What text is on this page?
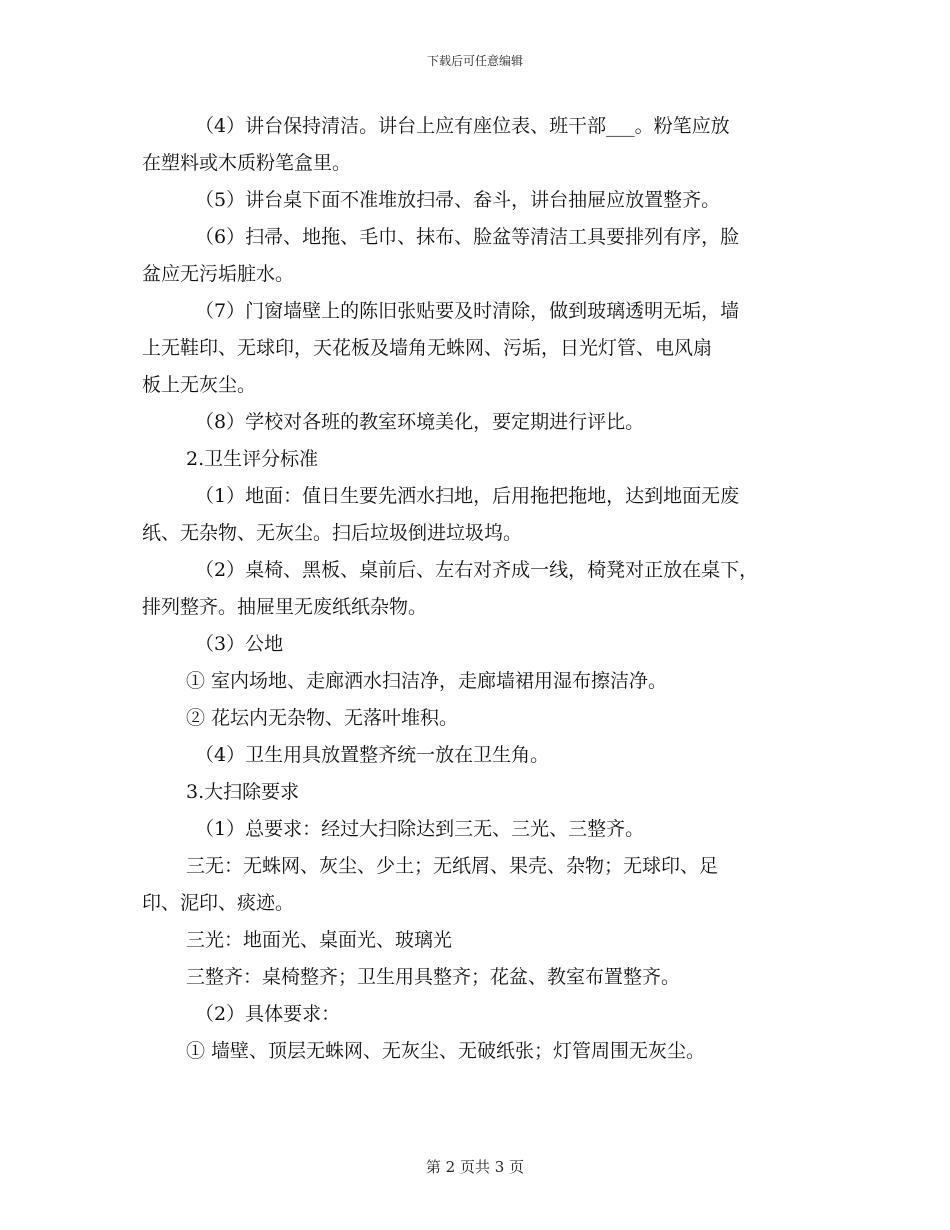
下载后可任意编辑

（4）讲台保持清洁。讲台上应有座位表、班干部___。粉笔应放

在塑料或木质粉笔盒里。

（5）讲台桌下面不准堆放扫帚、畚斗，讲台抽屉应放置整齐。

（6）扫帚、地拖、毛巾、抹布、脸盆等清洁工具要排列有序，脸

盆应无污垢脏水。

（7）门窗墙壁上的陈旧张贴要及时清除，做到玻璃透明无垢，墙

上无鞋印、无球印，天花板及墙角无蛛网、污垢，日光灯管、电风扇

板上无灰尘。

（8）学校对各班的教室环境美化，要定期进行评比。

2.卫生评分标准

（1）地面：值日生要先洒水扫地，后用拖把拖地，达到地面无废

纸、无杂物、无灰尘。扫后垃圾倒进垃圾坞。

（2）桌椅、黑板、桌前后、左右对齐成一线，椅凳对正放在桌下，

排列整齐。抽屉里无废纸纸杂物。

（3）公地

① 室内场地、走廊洒水扫洁净，走廊墙裙用湿布擦洁净。

② 花坛内无杂物、无落叶堆积。

（4）卫生用具放置整齐统一放在卫生角。

3.大扫除要求

（1）总要求：经过大扫除达到三无、三光、三整齐。

三无：无蛛网、灰尘、少土；无纸屑、果壳、杂物；无球印、足

印、泥印、痰迹。

三光：地面光、桌面光、玻璃光

三整齐：桌椅整齐；卫生用具整齐；花盆、教室布置整齐。

（2）具体要求：

① 墙壁、顶层无蛛网、无灰尘、无破纸张；灯管周围无灰尘。

第 2 页共 3 页
